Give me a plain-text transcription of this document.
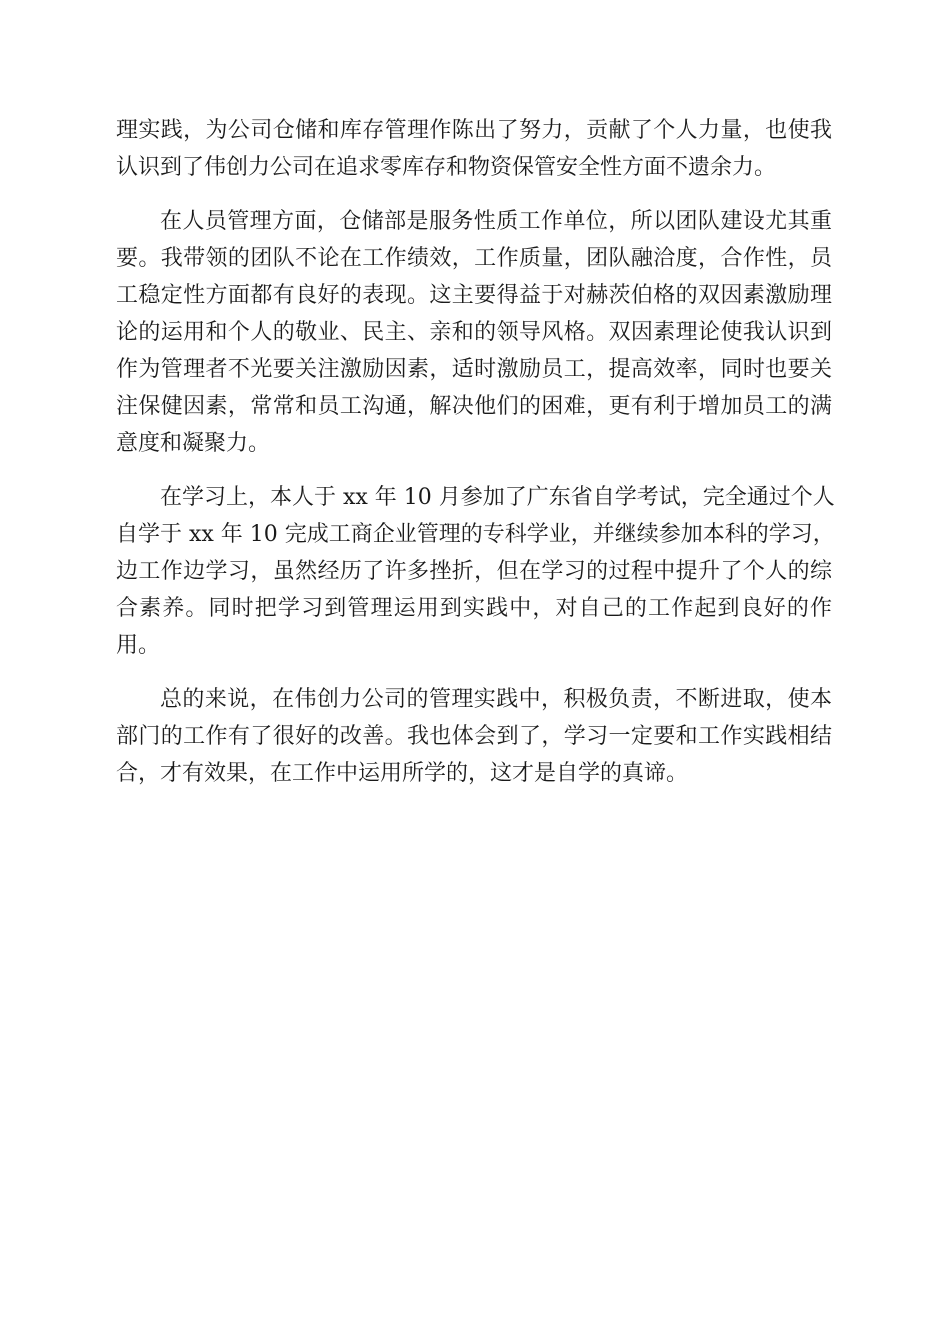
理实践，为公司仓储和库存管理作陈出了努力，贡献了个人力量，也使我
认识到了伟创力公司在追求零库存和物资保管安全性方面不遗余力。

在人员管理方面，仓储部是服务性质工作单位，所以团队建设尤其重
要。我带领的团队不论在工作绩效，工作质量，团队融洽度，合作性，员
工稳定性方面都有良好的表现。这主要得益于对赫茨伯格的双因素激励理
论的运用和个人的敬业、民主、亲和的领导风格。双因素理论使我认识到
作为管理者不光要关注激励因素，适时激励员工，提高效率，同时也要关
注保健因素，常常和员工沟通，解决他们的困难，更有利于增加员工的满
意度和凝聚力。

在学习上，本人于 xx 年 10 月参加了广东省自学考试，完全通过个人
自学于 xx 年 10 完成工商企业管理的专科学业，并继续参加本科的学习，
边工作边学习，虽然经历了许多挫折，但在学习的过程中提升了个人的综
合素养。同时把学习到管理运用到实践中，对自己的工作起到良好的作
用。

总的来说，在伟创力公司的管理实践中，积极负责，不断进取，使本
部门的工作有了很好的改善。我也体会到了，学习一定要和工作实践相结
合，才有效果，在工作中运用所学的，这才是自学的真谛。
